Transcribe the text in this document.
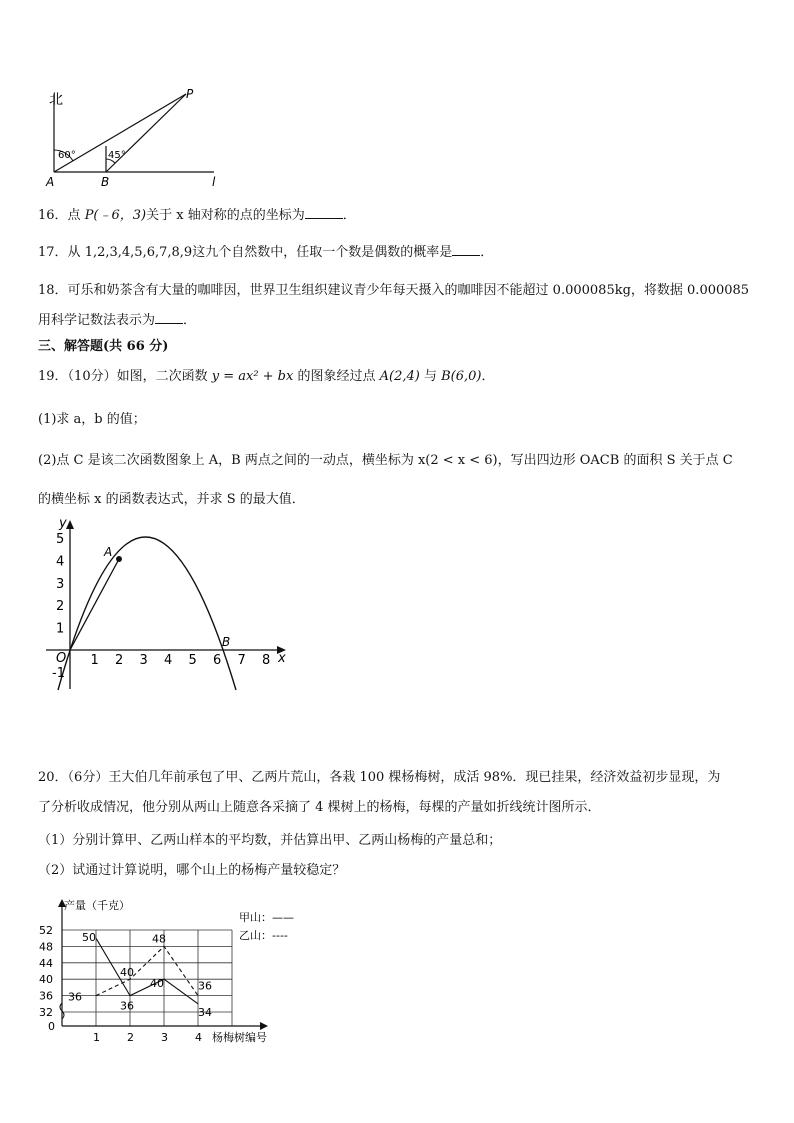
北	P
60°	45°
A	B	l
16．点 P(﹣6，3)关于 x 轴对称的点的坐标为	．
17．从 1,2,3,4,5,6,7,8,9这九个自然数中，任取一个数是偶数的概率是 ．
18．可乐和奶茶含有大量的咖啡因，世界卫生组织建议青少年每天摄入的咖啡因不能超过 0.000085kg，将数据 0.000085
用科学记数法表示为 ．
三、解答题(共 66 分)
19．（10分）如图，二次函数 y = ax² + bx 的图象经过点 A(2,4) 与 B(6,0)．
(1)求 a，b 的值；
(2)点 C 是该二次函数图象上 A，B 两点之间的一动点，横坐标为 x(2 < x < 6)，写出四边形 OACB 的面积 S 关于点 C
的横坐标 x 的函数表达式，并求 S 的最大值．
y
x
O
A
B
-1
1 2 3 4 5 6 7 8
1
2
3
4
5
20．（6分）王大伯几年前承包了甲、乙两片荒山，各栽 100 棵杨梅树，成活 98%．现已挂果，经济效益初步显现，为
了分析收成情况，他分别从两山上随意各采摘了 4 棵树上的杨梅，每棵的产量如折线统计图所示．
（1）分别计算甲、乙两山样本的平均数，并估算出甲、乙两山杨梅的产量总和；
（2）试通过计算说明，哪个山上的杨梅产量较稳定？
产量（千克）
杨梅树编号
0
32
36
40
44
48
52
1 2 3 4
50
36
40
34
36
40
48
36
甲山：——
乙山：----
